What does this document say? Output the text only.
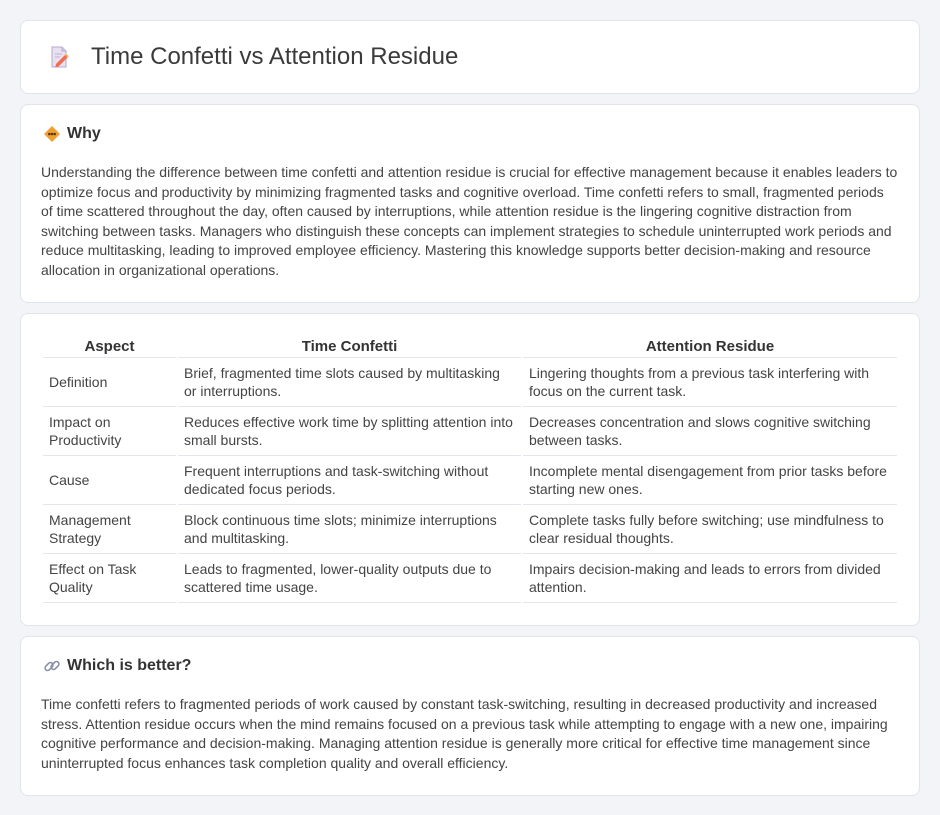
Time Confetti vs Attention Residue
Why

Understanding the difference between time confetti and attention residue is crucial for effective management because it enables leaders to optimize focus and productivity by minimizing fragmented tasks and cognitive overload. Time confetti refers to small, fragmented periods of time scattered throughout the day, often caused by interruptions, while attention residue is the lingering cognitive distraction from switching between tasks. Managers who distinguish these concepts can implement strategies to schedule uninterrupted work periods and reduce multitasking, leading to improved employee efficiency. Mastering this knowledge supports better decision-making and resource allocation in organizational operations.

Aspect	Time Confetti	Attention Residue
Definition	Brief, fragmented time slots caused by multitasking or interruptions.	Lingering thoughts from a previous task interfering with focus on the current task.
Impact on Productivity	Reduces effective work time by splitting attention into small bursts.	Decreases concentration and slows cognitive switching between tasks.
Cause	Frequent interruptions and task-switching without dedicated focus periods.	Incomplete mental disengagement from prior tasks before starting new ones.
Management Strategy	Block continuous time slots; minimize interruptions and multitasking.	Complete tasks fully before switching; use mindfulness to clear residual thoughts.
Effect on Task Quality	Leads to fragmented, lower-quality outputs due to scattered time usage.	Impairs decision-making and leads to errors from divided attention.
Which is better?

Time confetti refers to fragmented periods of work caused by constant task-switching, resulting in decreased productivity and increased stress. Attention residue occurs when the mind remains focused on a previous task while attempting to engage with a new one, impairing cognitive performance and decision-making. Managing attention residue is generally more critical for effective time management since uninterrupted focus enhances task completion quality and overall efficiency.
